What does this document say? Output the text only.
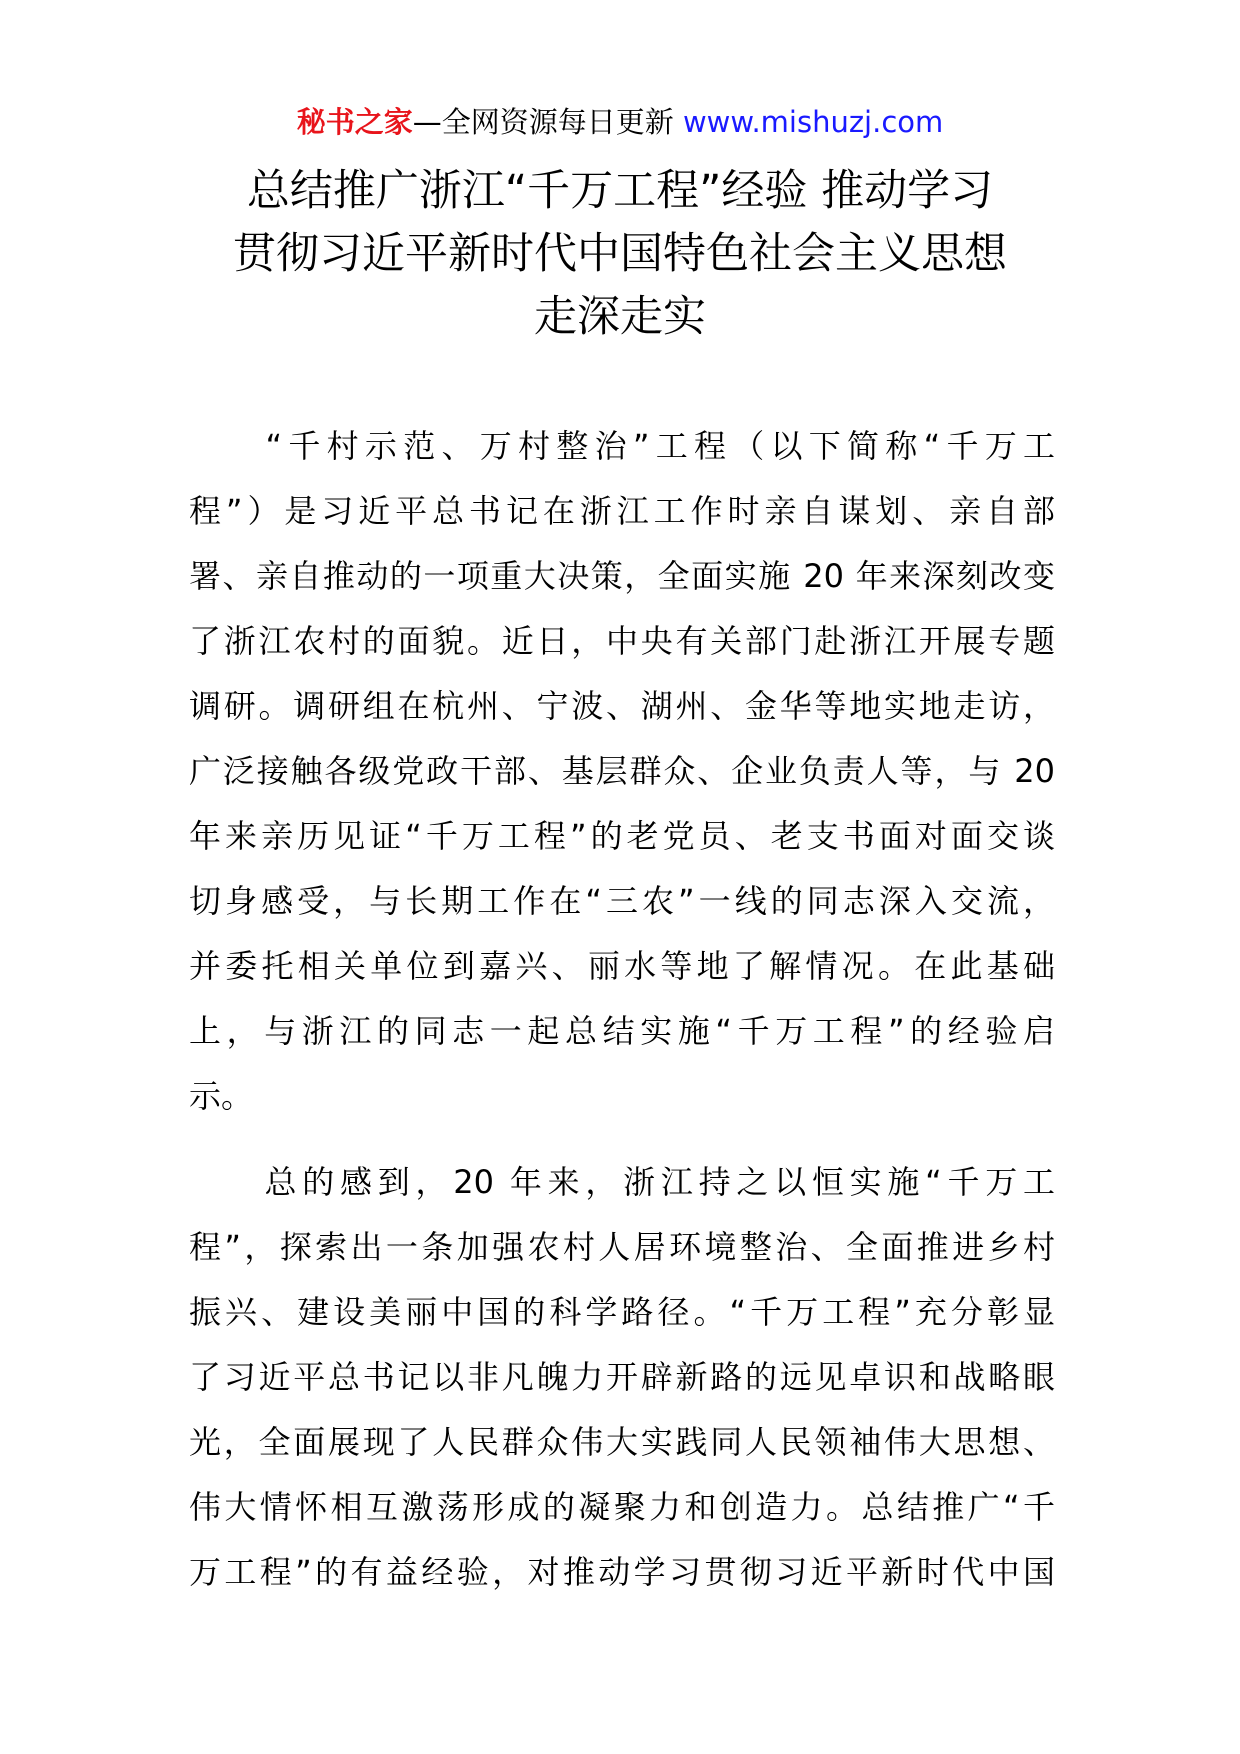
秘书之家—全网资源每日更新 www.mishuzj.com
总结推广浙江“千万工程”经验 推动学习
贯彻习近平新时代中国特色社会主义思想
走深走实
　　“千村示范、万村整治”工程（以下简称“千万工
程”）是习近平总书记在浙江工作时亲自谋划、亲自部
署、亲自推动的一项重大决策，全面实施 20 年来深刻改变
了浙江农村的面貌。近日，中央有关部门赴浙江开展专题
调研。调研组在杭州、宁波、湖州、金华等地实地走访，
广泛接触各级党政干部、基层群众、企业负责人等，与 20
年来亲历见证“千万工程”的老党员、老支书面对面交谈
切身感受，与长期工作在“三农”一线的同志深入交流，
并委托相关单位到嘉兴、丽水等地了解情况。在此基础
上，与浙江的同志一起总结实施“千万工程”的经验启
示。
　　总的感到，20 年来，浙江持之以恒实施“千万工
程”，探索出一条加强农村人居环境整治、全面推进乡村
振兴、建设美丽中国的科学路径。“千万工程”充分彰显
了习近平总书记以非凡魄力开辟新路的远见卓识和战略眼
光，全面展现了人民群众伟大实践同人民领袖伟大思想、
伟大情怀相互激荡形成的凝聚力和创造力。总结推广“千
万工程”的有益经验，对推动学习贯彻习近平新时代中国
